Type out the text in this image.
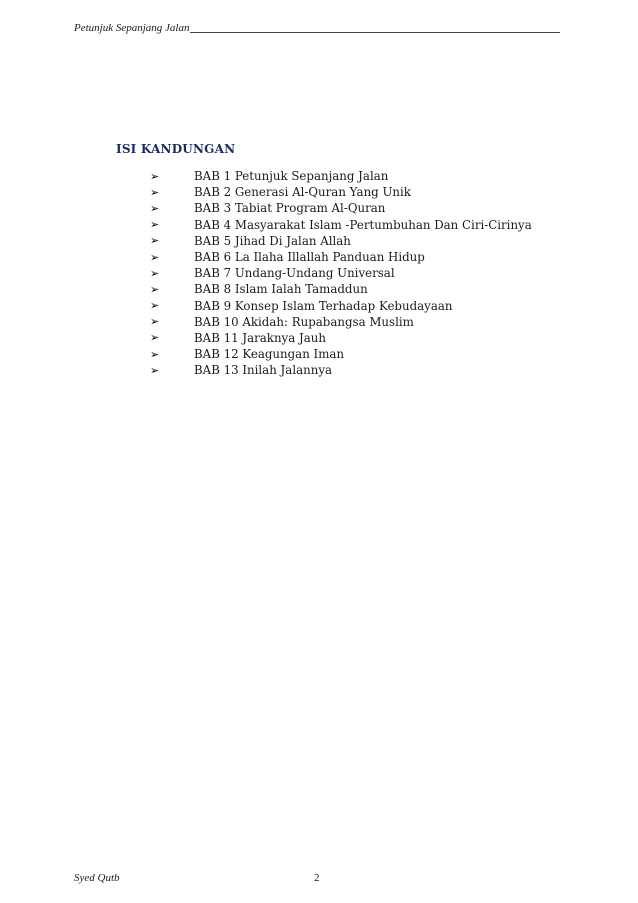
Petunjuk Sepanjang Jalan
ISI KANDUNGAN
➢	BAB 1 Petunjuk Sepanjang Jalan
➢	BAB 2 Generasi Al-Quran Yang Unik
➢	BAB 3 Tabiat Program Al-Quran
➢	BAB 4 Masyarakat Islam -Pertumbuhan Dan Ciri-Cirinya
➢	BAB 5 Jihad Di Jalan Allah
➢	BAB 6 La Ilaha Illallah Panduan Hidup
➢	BAB 7 Undang-Undang Universal
➢	BAB 8 Islam Ialah Tamaddun
➢	BAB 9 Konsep Islam Terhadap Kebudayaan
➢	BAB 10 Akidah: Rupabangsa Muslim
➢	BAB 11 Jaraknya Jauh
➢	BAB 12 Keagungan Iman
➢	BAB 13 Inilah Jalannya
Syed Qutb	2
